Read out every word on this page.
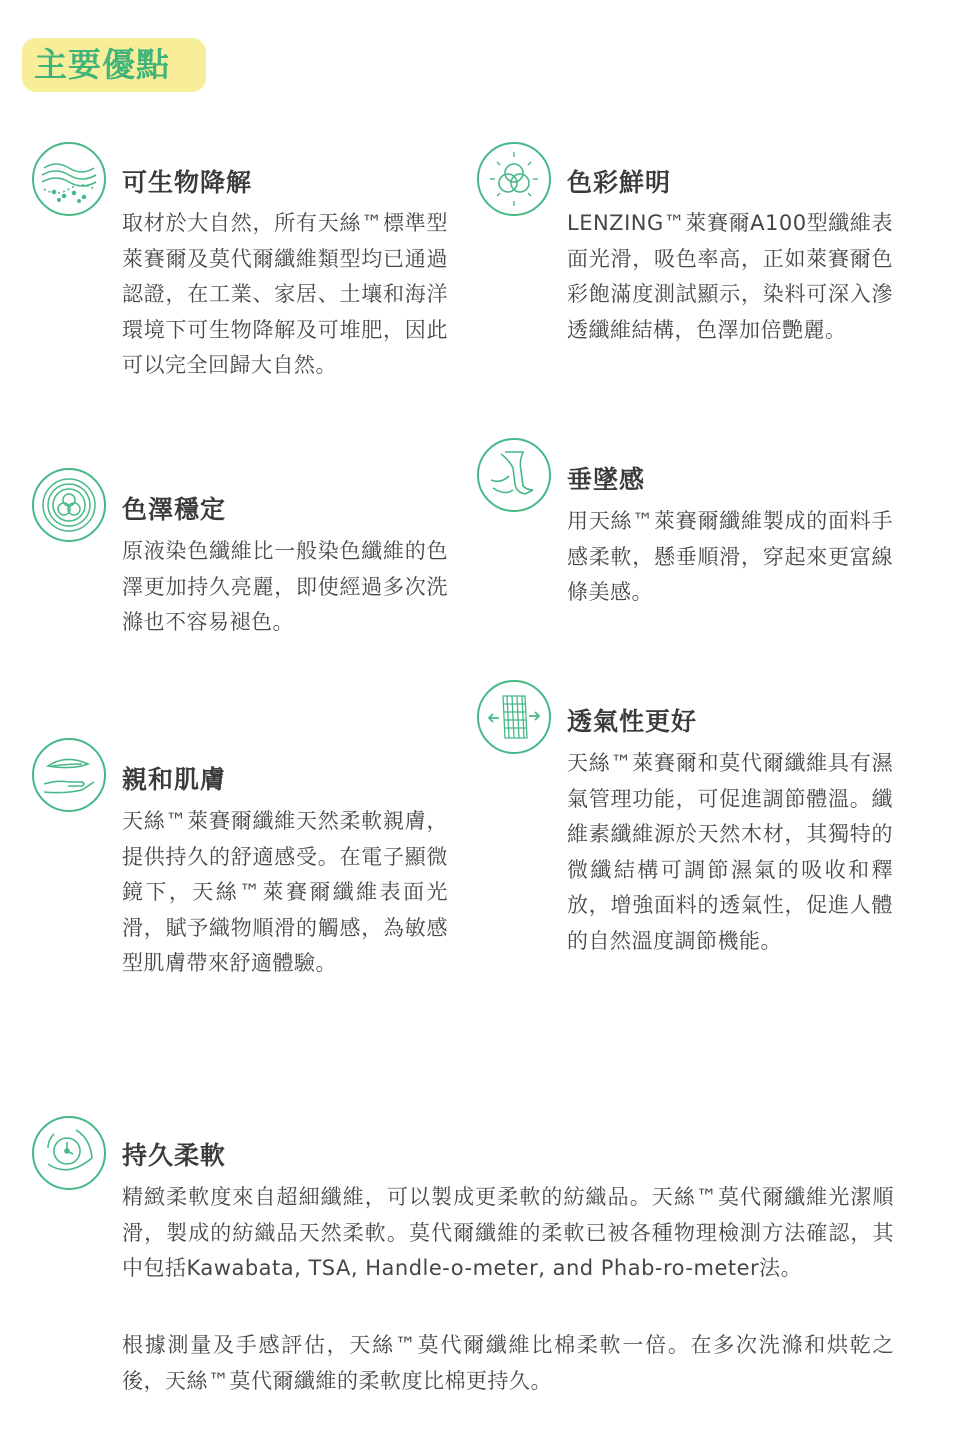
主要優點
可生物降解

取材於大自然，所有天絲™標準型萊賽爾及莫代爾纖維類型均已通過認證，在工業、家居、土壤和海洋環境下可生物降解及可堆肥，因此可以完全回歸大自然。

色彩鮮明

LENZING™萊賽爾A100型纖維表面光滑，吸色率高，正如萊賽爾色彩飽滿度測試顯示，染料可深入滲透纖維結構，色澤加倍艷麗。

垂墜感

用天絲™萊賽爾纖維製成的面料手感柔軟，懸垂順滑，穿起來更富線條美感。

色澤穩定

原液染色纖維比一般染色纖維的色澤更加持久亮麗，即使經過多次洗滌也不容易褪色。

透氣性更好

天絲™萊賽爾和莫代爾纖維具有濕氣管理功能，可促進調節體溫。纖維素纖維源於天然木材，其獨特的微纖結構可調節濕氣的吸收和釋放，增強面料的透氣性，促進人體的自然溫度調節機能。

親和肌膚

天絲™萊賽爾纖維天然柔軟親膚，提供持久的舒適感受。在電子顯微鏡下，天絲™萊賽爾纖維表面光滑，賦予織物順滑的觸感，為敏感型肌膚帶來舒適體驗。

持久柔軟

精緻柔軟度來自超細纖維，可以製成更柔軟的紡織品。天絲™莫代爾纖維光潔順滑，製成的紡織品天然柔軟。莫代爾纖維的柔軟已被各種物理檢測方法確認，其中包括Kawabata, TSA, Handle-o-meter, and Phab-ro-meter法。

根據測量及手感評估，天絲™莫代爾纖維比棉柔軟一倍。在多次洗滌和烘乾之後，天絲™莫代爾纖維的柔軟度比棉更持久。
